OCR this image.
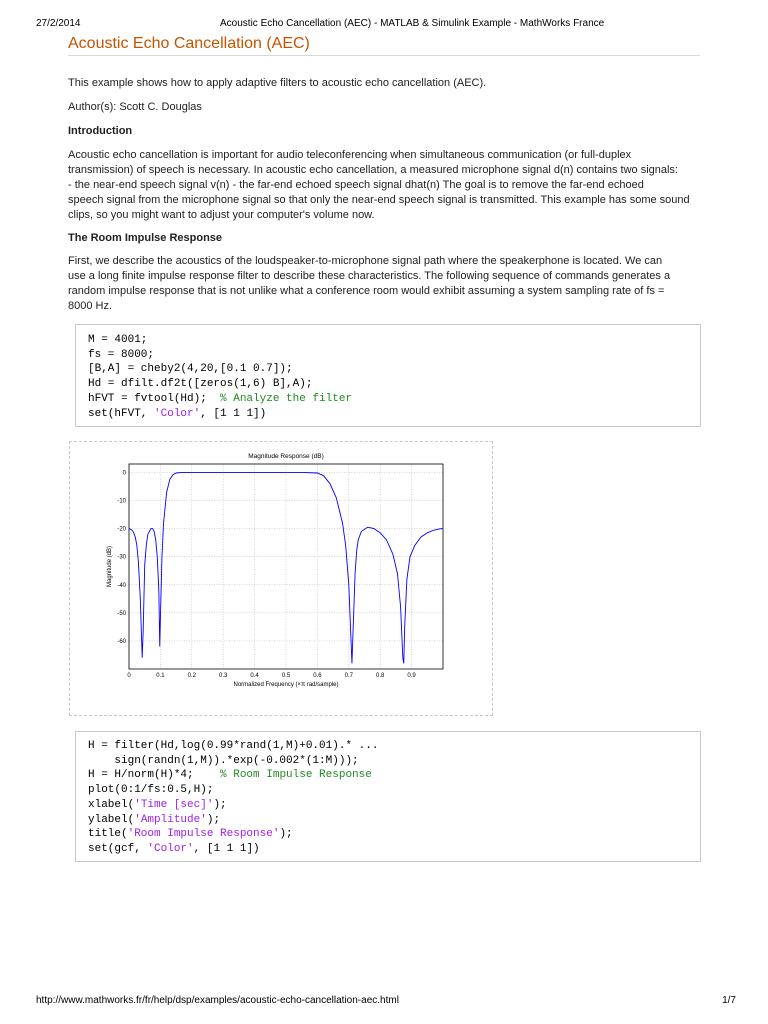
27/2/2014	Acoustic Echo Cancellation (AEC) - MATLAB & Simulink Example - MathWorks France
Acoustic Echo Cancellation (AEC)

This example shows how to apply adaptive filters to acoustic echo cancellation (AEC).

Author(s): Scott C. Douglas

Introduction
Acoustic echo cancellation is important for audio teleconferencing when simultaneous communication (or full-duplex
transmission) of speech is necessary. In acoustic echo cancellation, a measured microphone signal d(n) contains two signals:
- the near-end speech signal v(n) - the far-end echoed speech signal dhat(n) The goal is to remove the far-end echoed
speech signal from the microphone signal so that only the near-end speech signal is transmitted. This example has some sound
clips, so you might want to adjust your computer's volume now.
The Room Impulse Response
First, we describe the acoustics of the loudspeaker-to-microphone signal path where the speakerphone is located. We can
use a long finite impulse response filter to describe these characteristics. The following sequence of commands generates a
random impulse response that is not unlike what a conference room would exhibit assuming a system sampling rate of fs =
8000 Hz.
M = 4001;
fs = 8000;
[B,A] = cheby2(4,20,[0.1 0.7]);
Hd = dfilt.df2t([zeros(1,6) B],A);
hFVT = fvtool(Hd);  % Analyze the filter
set(hFVT, 'Color', [1 1 1])
0	0.1	0.2	0.3	0.4	0.5	0.6	0.7	0.8	0.9
0
-10
-20
-30
-40
-50
-60
Magnitude Response (dB)
Normalized Frequency (×π rad/sample)
Magnitude (dB)
H = filter(Hd,log(0.99*rand(1,M)+0.01).* ...
sign(randn(1,M)).*exp(-0.002*(1:M)));
H = H/norm(H)*4;    % Room Impulse Response
plot(0:1/fs:0.5,H);
xlabel('Time [sec]');
ylabel('Amplitude');
title('Room Impulse Response');
set(gcf, 'Color', [1 1 1])
http://www.mathworks.fr/fr/help/dsp/examples/acoustic-echo-cancellation-aec.html	1/7
